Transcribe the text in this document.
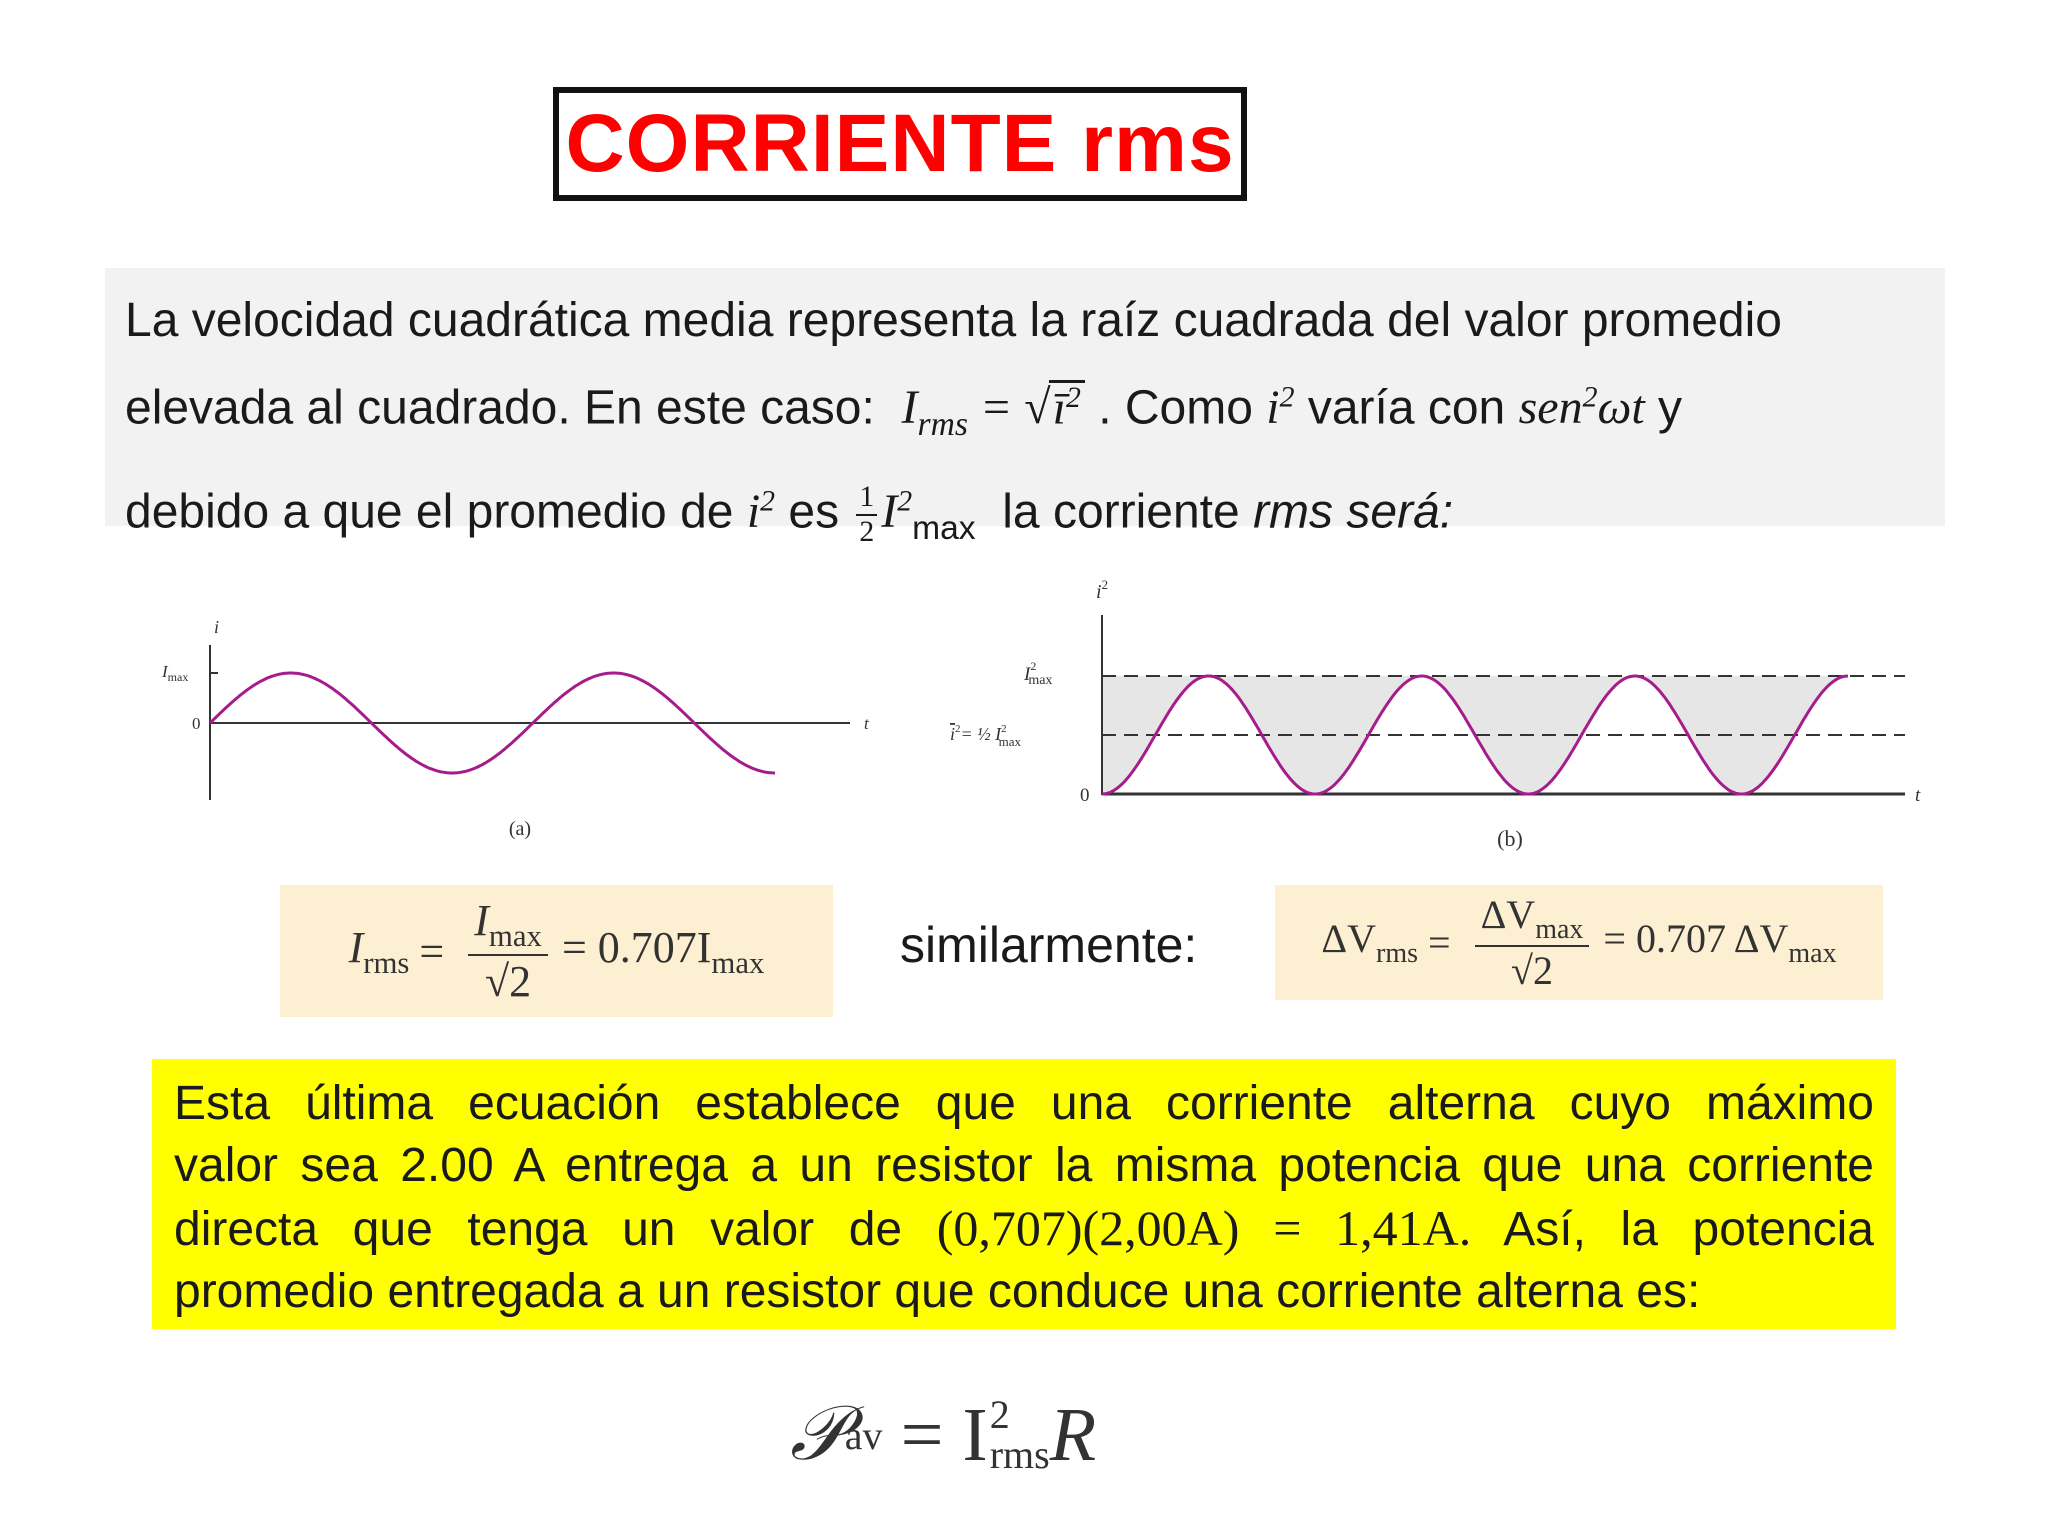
CORRIENTE rms
La velocidad cuadrática media representa la raíz cuadrada del valor promedio
elevada al cuadrado. En este caso: $I_{rms}$ = $√ī^2$ . Como $i^2$ varía con sen$^2$ωt y
debido a que el promedio de $i^2$ es $\frac{1}{2} I^2_{max}$ la corriente rms será:
i
$I_{max}$
0	t
(a)
$i^2$
$I^2$ max
$i^2=$ ½ $I^2$ max
0	t
(b)
$I_{rms}$ =
$I_{max}$
√2
= $0.707I_{max}$	similarmente:	$\Delta V_{rms}$ =
$\Delta V_{max}$
√2
= 0.707 $\Delta V_{max}$
Esta última ecuación establece que una corriente alterna cuyo máximo
valor sea 2.00 A entrega a un resistor la misma potencia que una corriente
directa que tenga un valor de (0,707)(2,00A) = 1,41A. Así, la potencia
promedio entregada a un resistor que conduce una corriente alterna es:
𝒫 av = I 2
rms R
